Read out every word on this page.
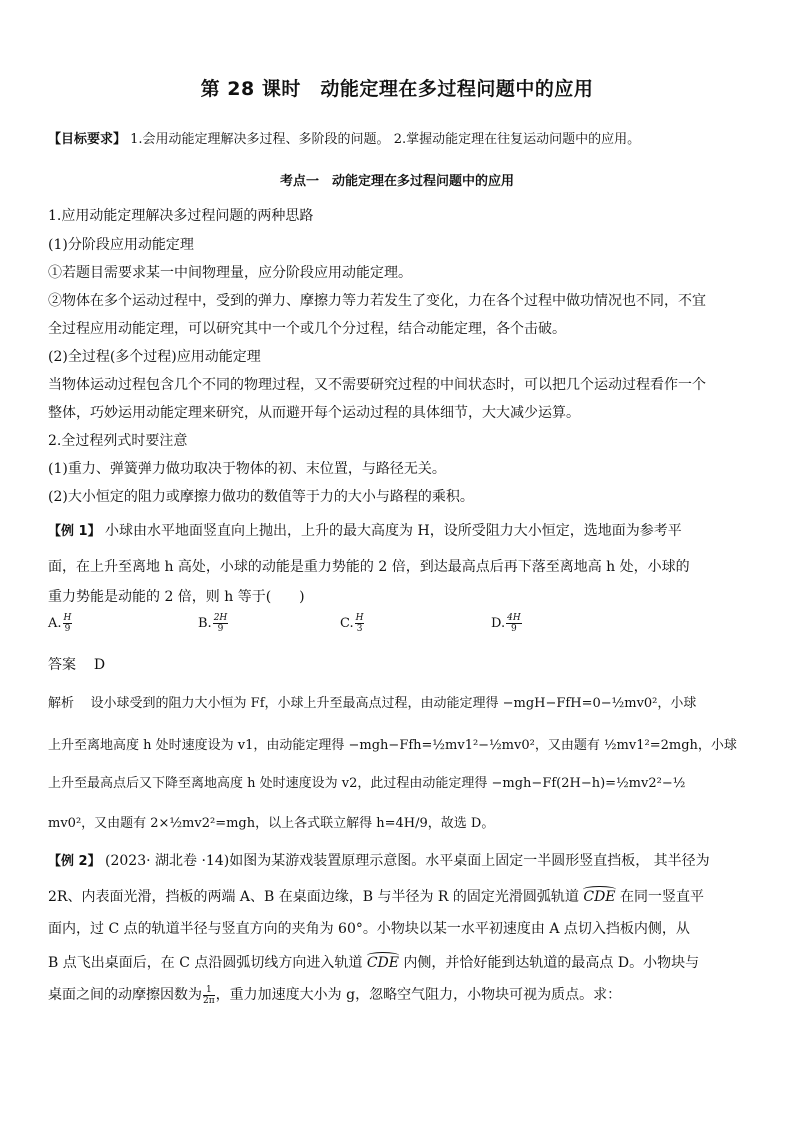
第 28 课时　动能定理在多过程问题中的应用
【目标要求】 1.会用动能定理解决多过程、多阶段的问题。 2.掌握动能定理在往复运动问题中的应用。
考点一　动能定理在多过程问题中的应用
1.应用动能定理解决多过程问题的两种思路
(1)分阶段应用动能定理
①若题目需要求某一中间物理量，应分阶段应用动能定理。
②物体在多个运动过程中，受到的弹力、摩擦力等力若发生了变化，力在各个过程中做功情况也不同，不宜
全过程应用动能定理，可以研究其中一个或几个分过程，结合动能定理，各个击破。
(2)全过程(多个过程)应用动能定理
当物体运动过程包含几个不同的物理过程，又不需要研究过程的中间状态时，可以把几个运动过程看作一个
整体，巧妙运用动能定理来研究，从而避开每个运动过程的具体细节，大大减少运算。
2.全过程列式时要注意
(1)重力、弹簧弹力做功取决于物体的初、末位置，与路径无关。
(2)大小恒定的阻力或摩擦力做功的数值等于力的大小与路程的乘积。
【例 1】 小球由水平地面竖直向上抛出，上升的最大高度为 H，设所受阻力大小恒定，选地面为参考平
面，在上升至离地 h 高处，小球的动能是重力势能的 2 倍，到达最高点后再下落至离地高 h 处，小球的
重力势能是动能的 2 倍，则 h 等于(　　)
A. $\frac{H}{9}$	B. $\frac{2H}{9}$	C. $\frac{H}{3}$	D. $\frac{4H}{9}$
答案 D
解析 设小球受到的阻力大小恒为 Ff，小球上升至最高点过程，由动能定理得 −mgH−FfH=0−½mv0²，小球
上升至离地高度 h 处时速度设为 v1，由动能定理得 −mgh−Ffh=½mv1²−½mv0²，又由题有 ½mv1²=2mgh，小球
上升至最高点后又下降至离地高度 h 处时速度设为 v2，此过程由动能定理得 −mgh−Ff(2H−h)=½mv2²−½
mv0²，又由题有 2×½mv2²=mgh，以上各式联立解得 h=4H/9，故选 D。
【例 2】 (2023· 湖北卷 ·14)如图为某游戏装置原理示意图。水平桌面上固定一半圆形竖直挡板， 其半径为
2R、内表面光滑，挡板的两端 A、B 在桌面边缘，B 与半径为 R 的固定光滑圆弧轨道 CDE 在同一竖直平
面内，过 C 点的轨道半径与竖直方向的夹角为 60°。小物块以某一水平初速度由 A 点切入挡板内侧，从
B 点飞出桌面后，在 C 点沿圆弧切线方向进入轨道 CDE 内侧，并恰好能到达轨道的最高点 D。小物块与
桌面之间的动摩擦因数为 $\frac{1}{2\pi}$ ，重力加速度大小为 g，忽略空气阻力，小物块可视为质点。求：
